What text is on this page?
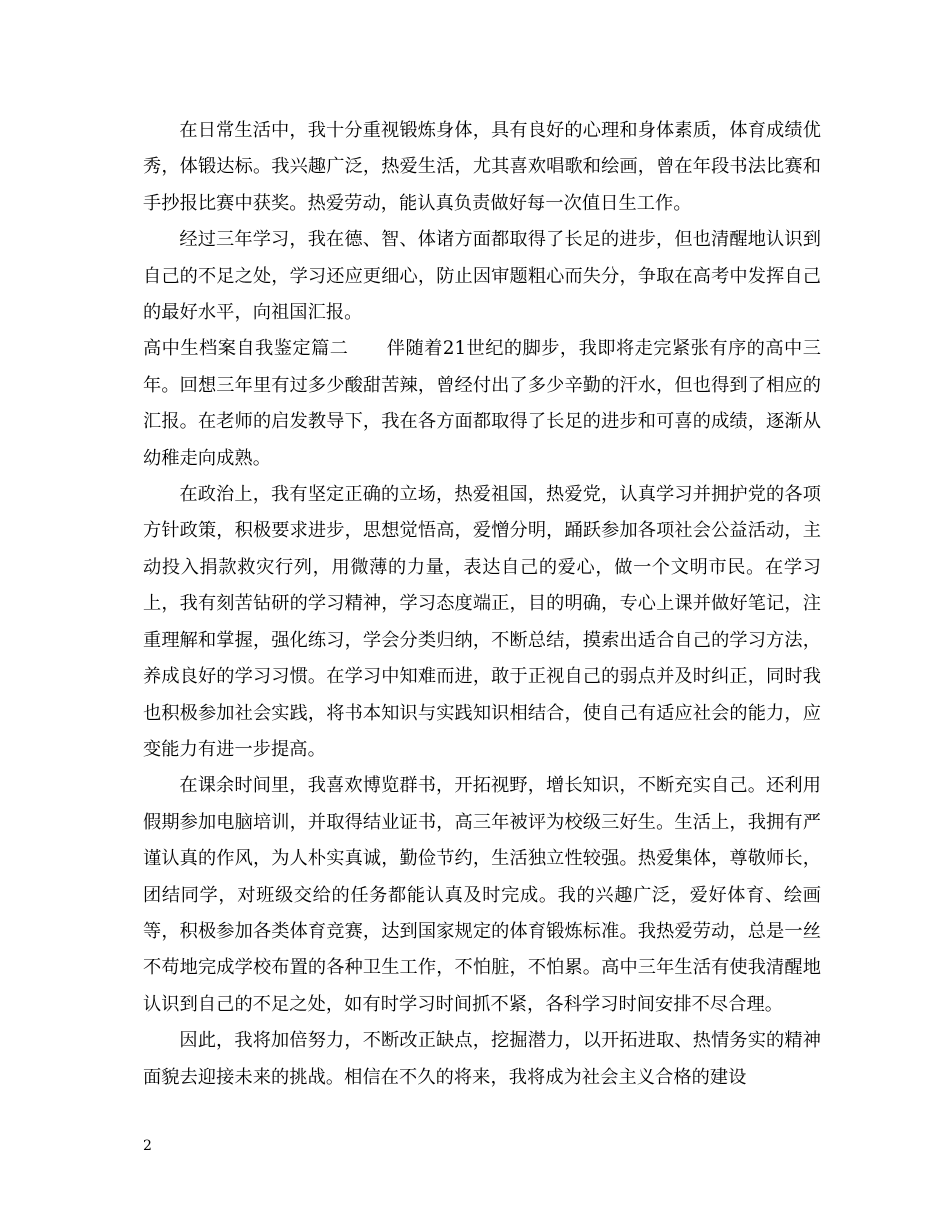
在日常生活中，我十分重视锻炼身体，具有良好的心理和身体素质，体育成绩优秀，体锻达标。我兴趣广泛，热爱生活，尤其喜欢唱歌和绘画，曾在年段书法比赛和手抄报比赛中获奖。热爱劳动，能认真负责做好每一次值日生工作。

经过三年学习，我在德、智、体诸方面都取得了长足的进步，但也清醒地认识到自己的不足之处，学习还应更细心，防止因审题粗心而失分，争取在高考中发挥自己的最好水平，向祖国汇报。

高中生档案自我鉴定篇二 伴随着21世纪的脚步，我即将走完紧张有序的高中三年。回想三年里有过多少酸甜苦辣，曾经付出了多少辛勤的汗水，但也得到了相应的汇报。在老师的启发教导下，我在各方面都取得了长足的进步和可喜的成绩，逐渐从幼稚走向成熟。

在政治上，我有坚定正确的立场，热爱祖国，热爱党，认真学习并拥护党的各项方针政策，积极要求进步，思想觉悟高，爱憎分明，踊跃参加各项社会公益活动，主动投入捐款救灾行列，用微薄的力量，表达自己的爱心，做一个文明市民。在学习上，我有刻苦钻研的学习精神，学习态度端正，目的明确，专心上课并做好笔记，注重理解和掌握，强化练习，学会分类归纳，不断总结，摸索出适合自己的学习方法，养成良好的学习习惯。在学习中知难而进，敢于正视自己的弱点并及时纠正，同时我也积极参加社会实践，将书本知识与实践知识相结合，使自己有适应社会的能力，应变能力有进一步提高。

在课余时间里，我喜欢博览群书，开拓视野，增长知识，不断充实自己。还利用假期参加电脑培训，并取得结业证书，高三年被评为校级三好生。生活上，我拥有严谨认真的作风，为人朴实真诚，勤俭节约，生活独立性较强。热爱集体，尊敬师长，团结同学，对班级交给的任务都能认真及时完成。我的兴趣广泛，爱好体育、绘画等，积极参加各类体育竞赛，达到国家规定的体育锻炼标准。我热爱劳动，总是一丝不苟地完成学校布置的各种卫生工作，不怕脏，不怕累。高中三年生活有使我清醒地认识到自己的不足之处，如有时学习时间抓不紧，各科学习时间安排不尽合理。

因此，我将加倍努力，不断改正缺点，挖掘潜力，以开拓进取、热情务实的精神面貌去迎接未来的挑战。相信在不久的将来，我将成为社会主义合格的建设

2
